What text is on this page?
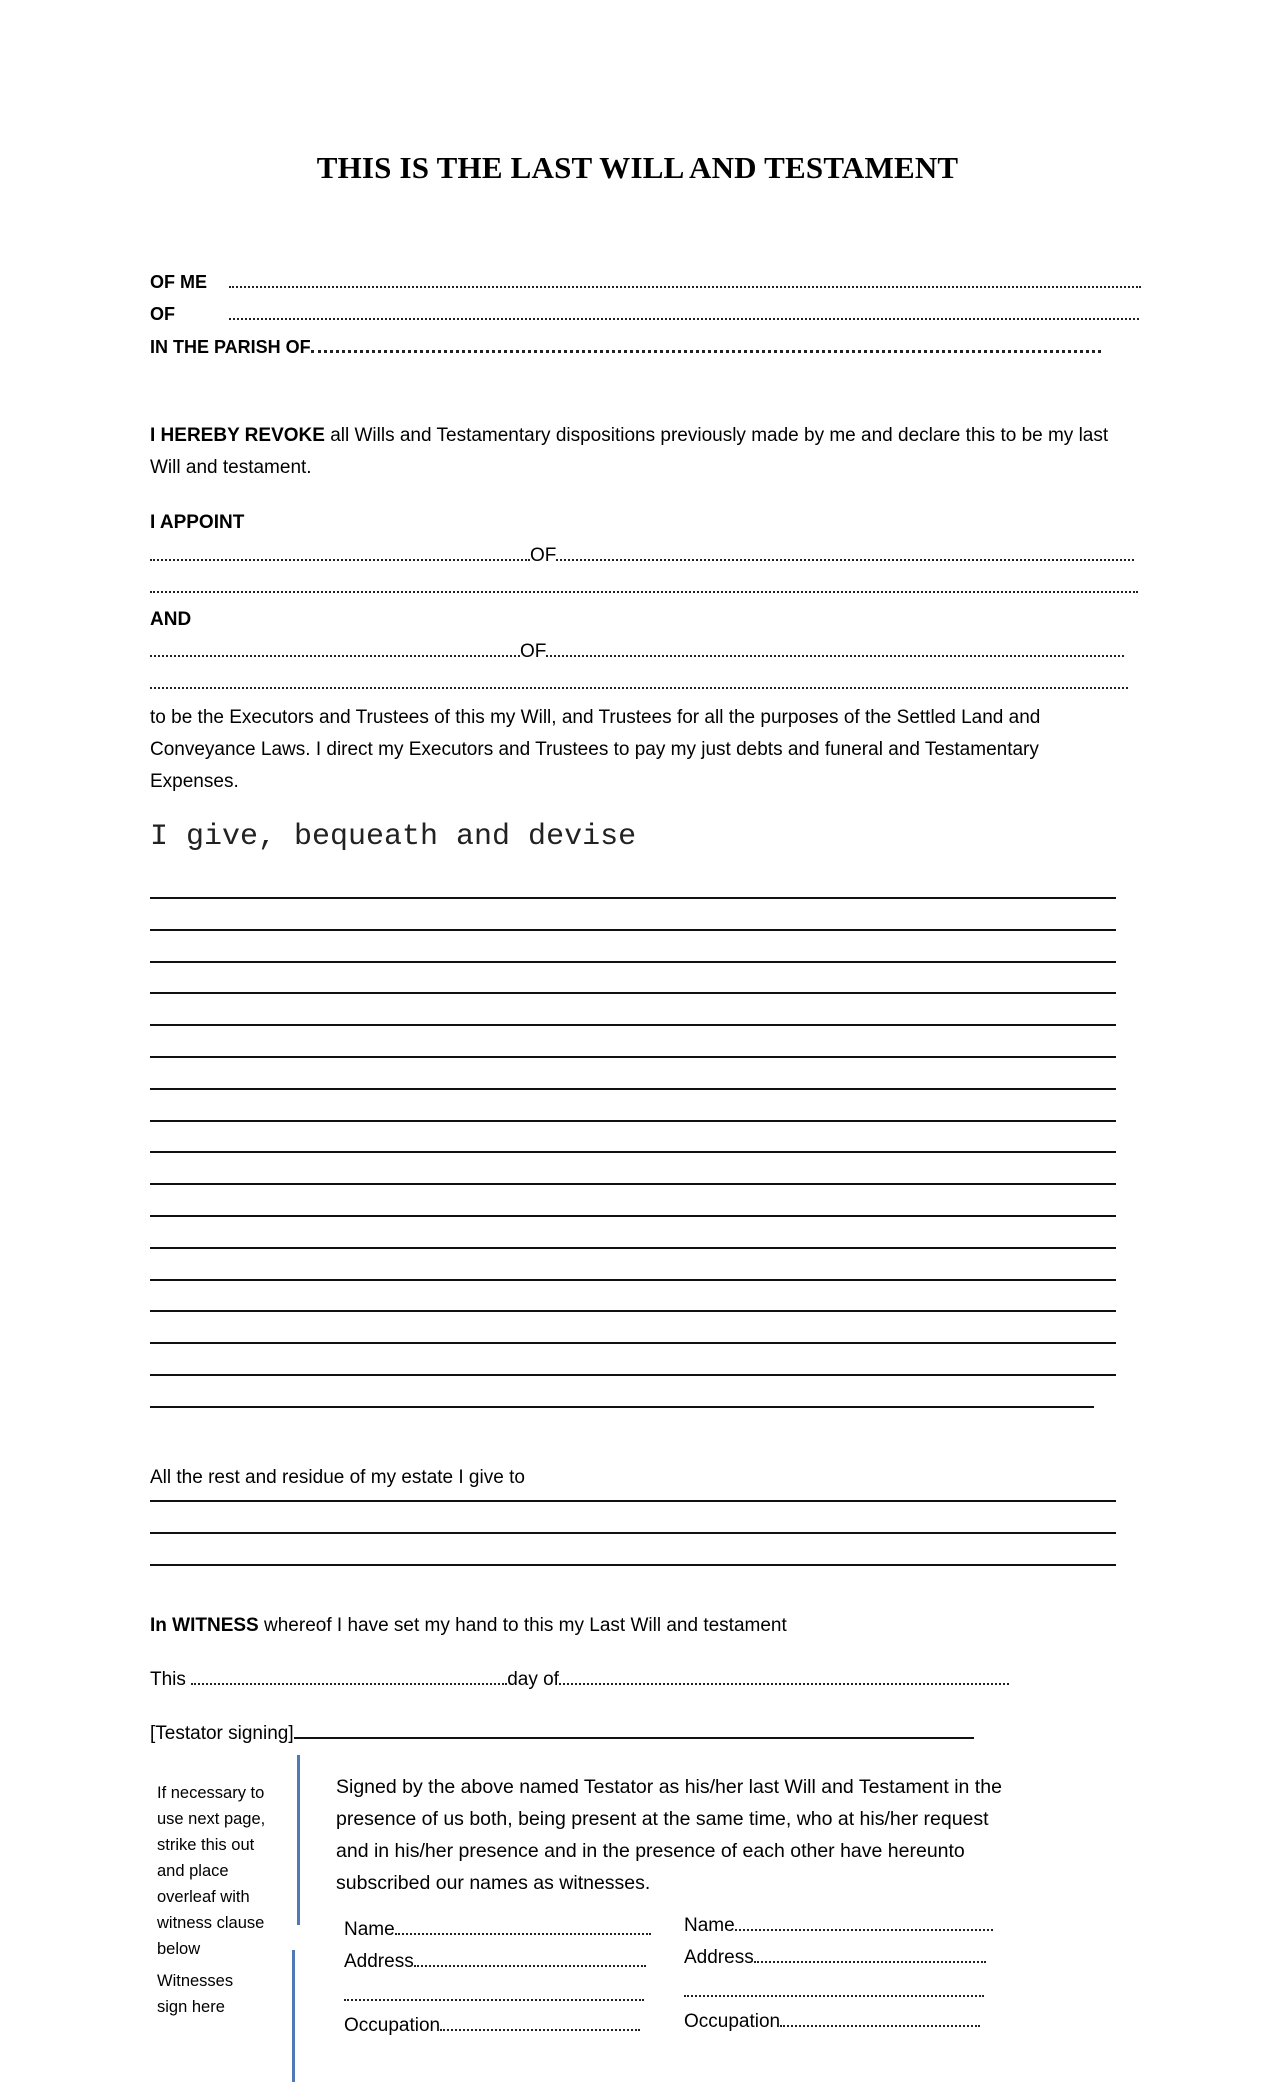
THIS IS THE LAST WILL AND TESTAMENT
OF ME
OF
IN THE PARISH OF
I HEREBY REVOKE all Wills and Testamentary dispositions previously made by me and declare this to be my last Will and testament.
I APPOINT
OF
AND
OF
to be the Executors and Trustees of this my Will, and Trustees for all the purposes of the Settled Land and Conveyance Laws. I direct my Executors and Trustees to pay my just debts and funeral and Testamentary Expenses.
I give, bequeath and devise
All the rest and residue of my estate I give to
In WITNESS whereof I have set my hand to this my Last Will and testament
This	day of
[Testator signing]
If necessary to use next page, strike this out and place overleaf with witness clause below
Witnesses sign here
Signed by the above named Testator as his/her last Will and Testament in the presence of us both, being present at the same time, who at his/her request and in his/her presence and in the presence of each other have hereunto subscribed our names as witnesses.
Name
Address
Occupation
Name
Address
Occupation
